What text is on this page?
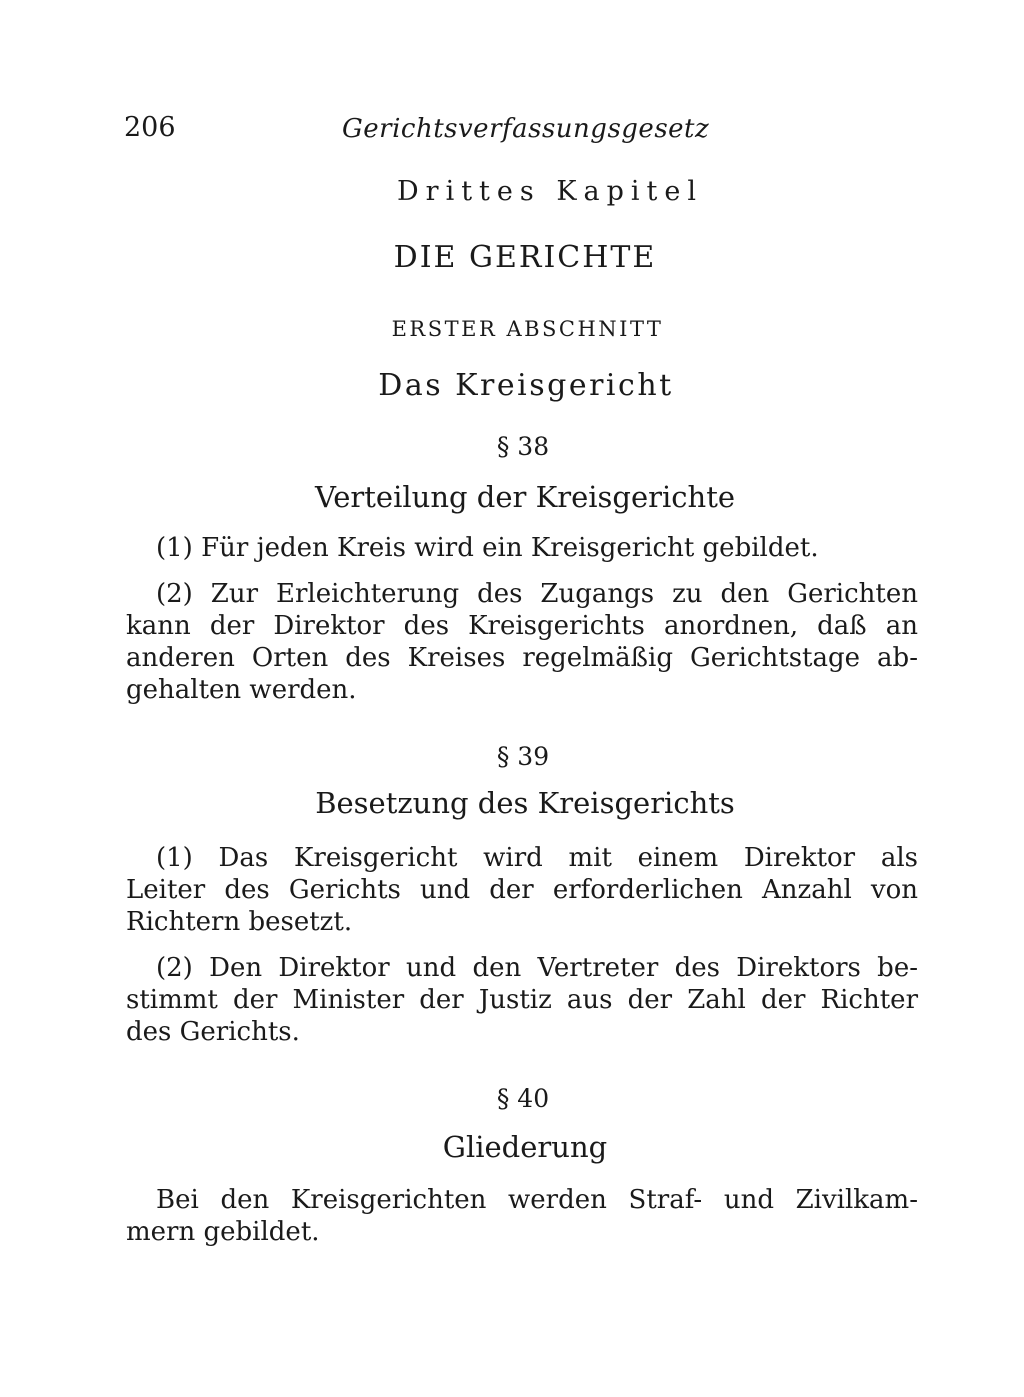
206	Gerichtsverfassungsgesetz
Drittes Kapitel
DIE GERICHTE
ERSTER ABSCHNITT
Das Kreisgericht
§ 38
Verteilung der Kreisgerichte
(1) Für jeden Kreis wird ein Kreisgericht gebildet.
(2) Zur Erleichterung des Zugangs zu den Gerichten
kann der Direktor des Kreisgerichts anordnen, daß an
anderen Orten des Kreises regelmäßig Gerichtstage ab-
gehalten werden.
§ 39
Besetzung des Kreisgerichts
(1) Das Kreisgericht wird mit einem Direktor als
Leiter des Gerichts und der erforderlichen Anzahl von
Richtern besetzt.
(2) Den Direktor und den Vertreter des Direktors be-
stimmt der Minister der Justiz aus der Zahl der Richter
des Gerichts.
§ 40
Gliederung
Bei den Kreisgerichten werden Straf- und Zivilkam-
mern gebildet.
